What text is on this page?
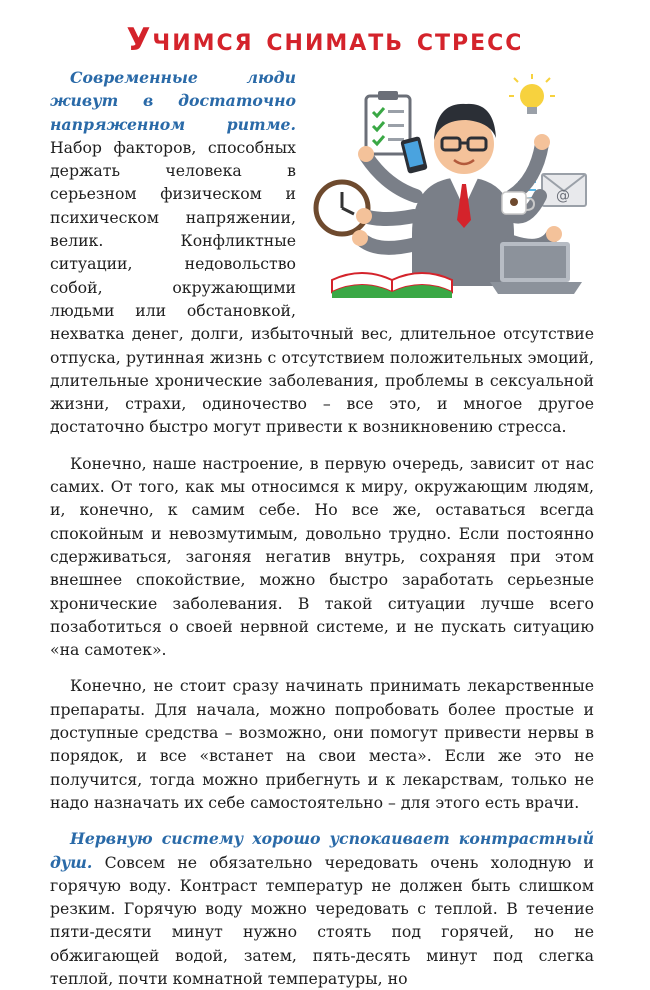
Учимся снимать стресс
@

Современные люди живут в достаточно напряженном ритме. Набор факторов, способных держать человека в серьезном физическом и психическом напряжении, велик. Конфликтные ситуации, недовольство собой, окружающими людьми или обстановкой, нехватка денег, долги, избыточный вес, длительное отсутствие отпуска, рутинная жизнь с отсутствием положительных эмоций, длительные хронические заболевания, проблемы в сексуальной жизни, страхи, одиночество – все это, и многое другое достаточно быстро могут привести к возникновению стресса.

Конечно, наше настроение, в первую очередь, зависит от нас самих. От того, как мы относимся к миру, окружающим людям, и, конечно, к самим себе. Но все же, оставаться всегда спокойным и невозмутимым, довольно трудно. Если постоянно сдерживаться, загоняя негатив внутрь, сохраняя при этом внешнее спокойствие, можно быстро заработать серьезные хронические заболевания. В такой ситуации лучше всего позаботиться о своей нервной системе, и не пускать ситуацию «на самотек».

Конечно, не стоит сразу начинать принимать лекарственные препараты. Для начала, можно попробовать более простые и доступные средства – возможно, они помогут привести нервы в порядок, и все «встанет на свои места». Если же это не получится, тогда можно прибегнуть и к лекарствам, только не надо назначать их себе самостоятельно – для этого есть врачи.

Нервную систему хорошо успокаивает контрастный душ. Совсем не обязательно чередовать очень холодную и горячую воду. Контраст температур не должен быть слишком резким. Горячую воду можно чередовать с теплой. В течение пяти-десяти минут нужно стоять под горячей, но не обжигающей водой, затем, пять-десять минут под слегка теплой, почти комнатной температуры, но
